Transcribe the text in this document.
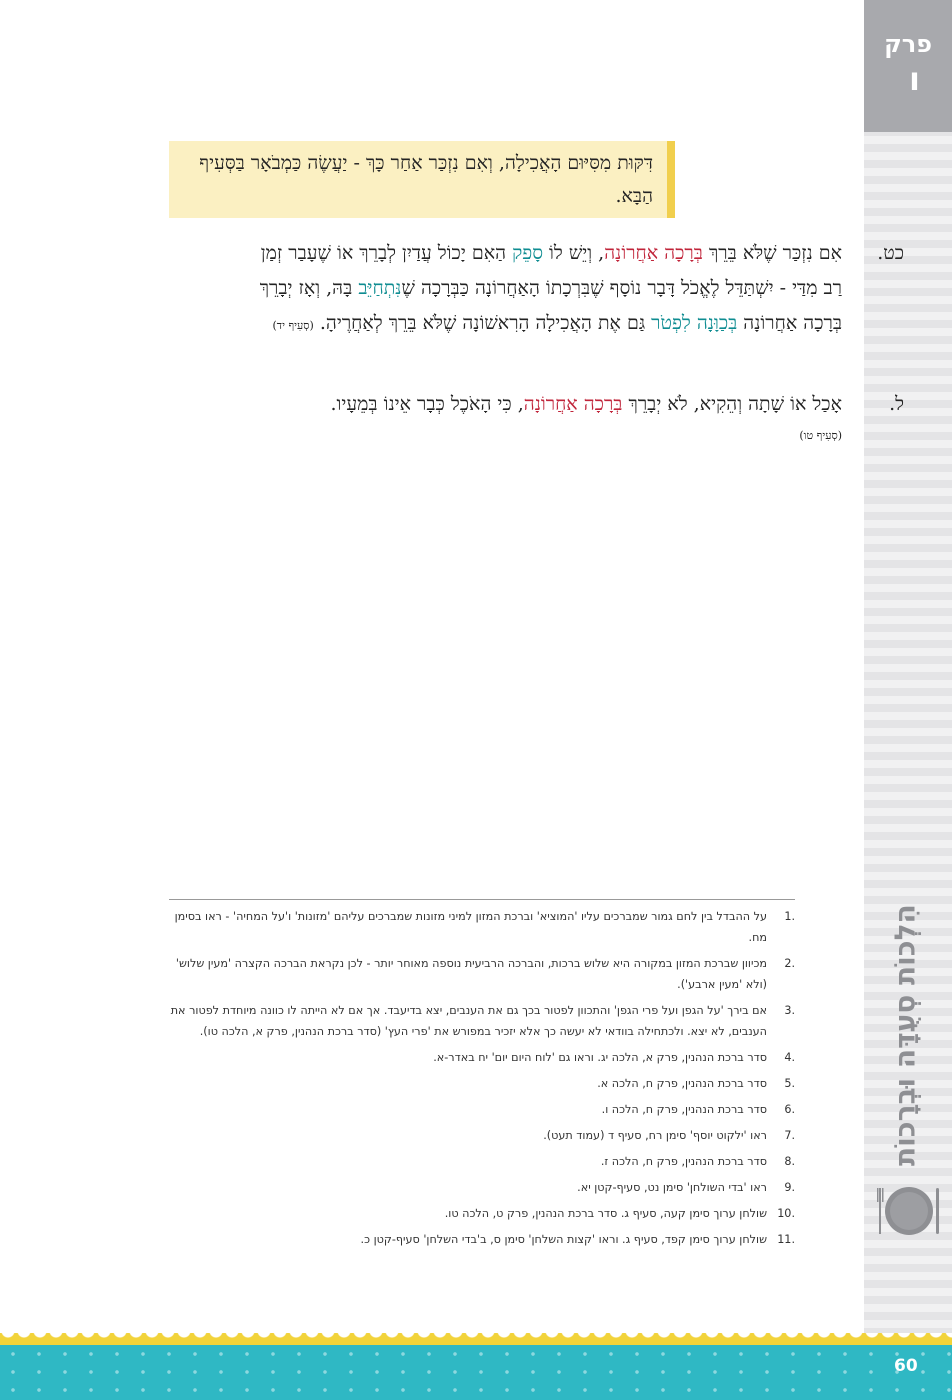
פרק
ו
הִלְכוֹת סְעֻדָּה וּבְרָכוֹת
דִּקּוּת מִסִּיּוּם הָאֲכִילָה, וְאִם נִזְכַּר אַחַר כָּךְ - יַעֲשֶׂה כַּמְבֹאָר בַּסְּעִיף הַבָּא.
כט.
אִם נִזְכַּר שֶׁלֹּא בֵּרֵךְ בְּרָכָה אַחֲרוֹנָה, וְיֵשׁ לוֹ סָפֵק הַאִם יָכוֹל עֲדַיִן לְבָרֵךְ אוֹ שֶׁעָבַר זְמַן רַב מִדַּי - יִשְׁתַּדֵּל לֶאֱכֹל דָּבָר נוֹסָף שֶׁבִּרְכָתוֹ הָאַחֲרוֹנָה כַּבְּרָכָה שֶׁנִּתְחַיֵּב בָּהּ, וְאָז יְבָרֵךְ בְּרָכָה אַחֲרוֹנָה בְּכַוָּנָה לִפְטֹר גַּם אֶת הָאֲכִילָה הָרִאשׁוֹנָה שֶׁלֹּא בֵּרֵךְ לְאַחֲרֶיהָ. (סְעִיף יד)
ל.
אָכַל אוֹ שָׁתָה וְהֵקִיא, לֹא יְבָרֵךְ בְּרָכָה אַחֲרוֹנָה, כִּי הָאֹכֶל כְּבָר אֵינוֹ בְּמֵעָיו.
(סְעִיף טו)
.1
על ההבדל בין לחם גמור שמברכים עליו 'המוציא' וברכת המזון למיני מזונות שמברכים עליהם 'מזונות' ו'על המחיה' - ראו בסימן מח.
.2
מכיוון שברכת המזון במקורה היא שלוש ברכות, והברכה הרביעית נוספה מאוחר יותר - לכן נקראת הברכה הקצרה 'מעין שלוש' (ולא 'מעין ארבע').
.3
אם בירך 'על הגפן ועל פרי הגפן' והתכוון לפטור בכך גם את הענבים, יצא בדיעבד. אך אם לא הייתה לו כוונה מיוחדת לפטור את הענבים, לא יצא. ולכתחילה בוודאי לא יעשה כך אלא יזכיר במפורש את 'פרי העץ' (סדר ברכת הנהנין, פרק א, הלכה טו).
.4
סדר ברכת הנהנין, פרק א, הלכה יג. וראו גם 'לוח היום יום' יח באדר-א.
.5
סדר ברכת הנהנין, פרק ח, הלכה א.
.6
סדר ברכת הנהנין, פרק ח, הלכה ו.
.7
ראו 'ילקוט יוסף' סימן רח, סעיף ד (עמוד תעט).
.8
סדר ברכת הנהנין, פרק ח, הלכה ז.
.9
ראו 'בדי השולחן' סימן נט, סעיף-קטן יא.
.10
שולחן ערוך סימן קעה, סעיף ג. סדר ברכת הנהנין, פרק ט, הלכה טו.
.11
שולחן ערוך סימן קפד, סעיף ג. וראו 'קצות השלחן' סימן ס, ב'בדי השלחן' סעיף-קטן כ.
60
